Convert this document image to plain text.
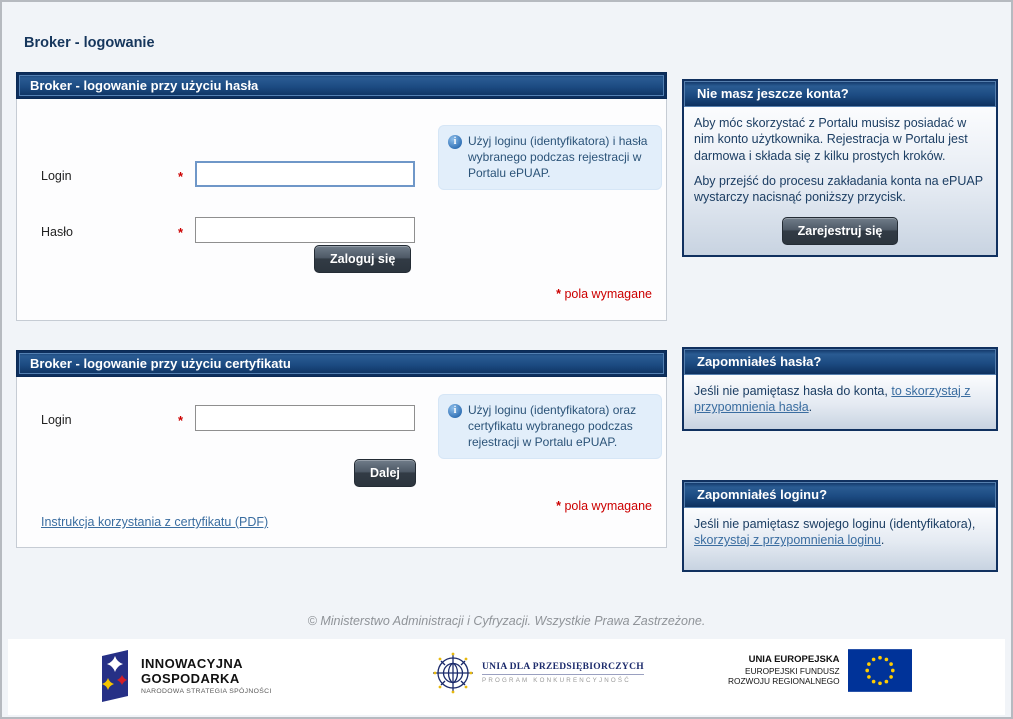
Broker - logowanie
Broker - logowanie przy użyciu hasła
Login	*
i Użyj loginu (identyfikatora) i hasła wybranego podczas rejestracji w Portalu ePUAP.
Hasło	*
Zaloguj się
* pola wymagane
Broker - logowanie przy użyciu certyfikatu
Login	*
i Użyj loginu (identyfikatora) oraz certyfikatu wybranego podczas rejestracji w Portalu ePUAP.
Dalej
* pola wymagane
Instrukcja korzystania z certyfikatu (PDF)
Nie masz jeszcze konta?

Aby móc skorzystać z Portalu musisz posiadać w nim konto użytkownika. Rejestracja w Portalu jest darmowa i składa się z kilku prostych kroków.

Aby przejść do procesu zakładania konta na ePUAP wystarczy nacisnąć poniższy przycisk.

Zarejestruj się
Zapomniałeś hasła?
Jeśli nie pamiętasz hasła do konta, to skorzystaj z przypomnienia hasła.
Zapomniałeś loginu?
Jeśli nie pamiętasz swojego loginu (identyfikatora), skorzystaj z przypomnienia loginu.
© Ministerstwo Administracji i Cyfryzacji. Wszystkie Prawa Zastrzeżone.
INNOWACYJNA
GOSPODARKA
NARODOWA STRATEGIA SPÓJNOŚCI
UNIA DLA PRZEDSIĘBIORCZYCH
PROGRAM KONKURENCYJNOŚĆ
UNIA EUROPEJSKA
EUROPEJSKI FUNDUSZ
ROZWOJU REGIONALNEGO
